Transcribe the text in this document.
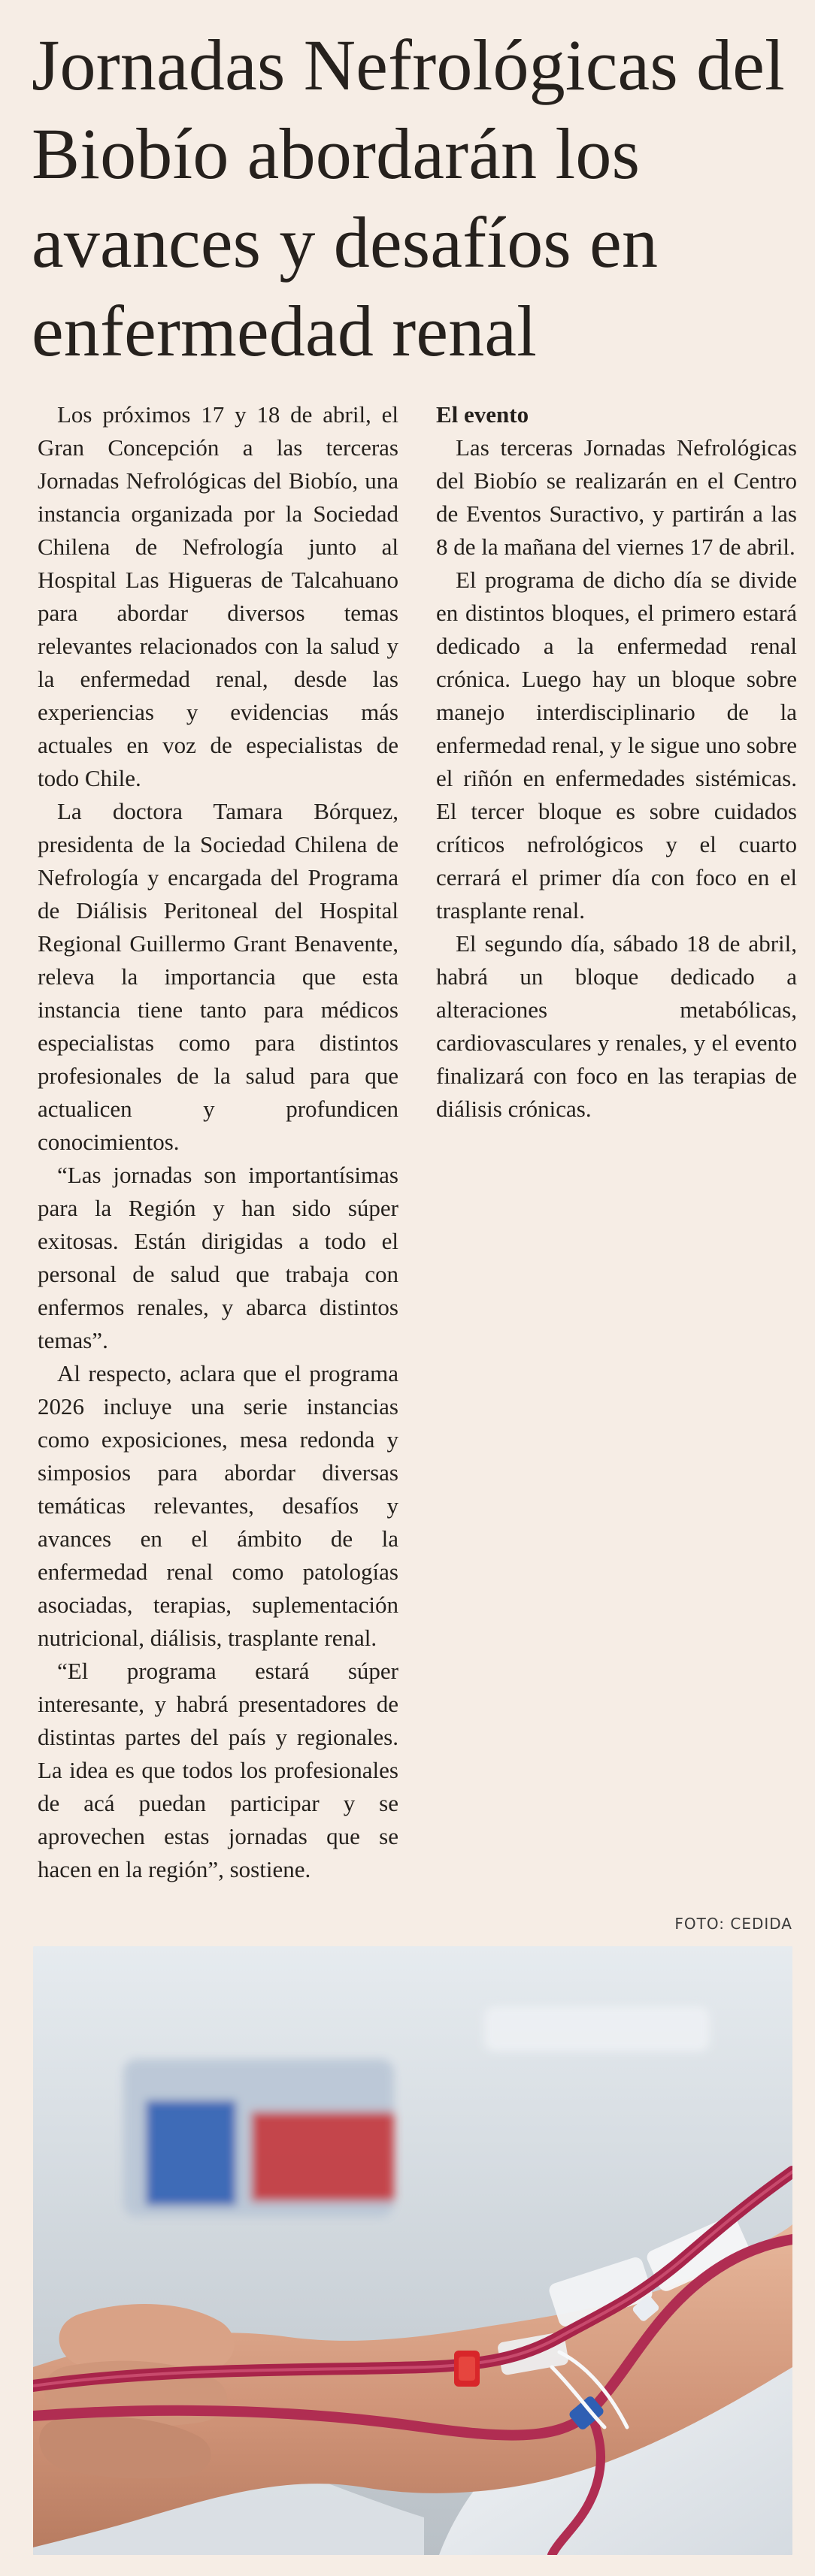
Jornadas Nefrológicas del Biobío abordarán los avances y desafíos en enfermedad renal

Los próximos 17 y 18 de abril, el Gran Concepción a las terceras Jornadas Nefrológicas del Biobío, una instancia organizada por la Sociedad Chilena de Nefrología junto al Hospital Las Higueras de Talcahuano para abordar diversos temas relevantes relacionados con la salud y la enfermedad renal, desde las experiencias y evidencias más actuales en voz de especialistas de todo Chile.

La doctora Tamara Bórquez, presidenta de la Sociedad Chilena de Nefrología y encargada del Programa de Diálisis Peritoneal del Hospital Regional Guillermo Grant Benavente, releva la importancia que esta instancia tiene tanto para médicos especialistas como para distintos profesionales de la salud para que actualicen y profundicen conocimientos.

“Las jornadas son importantísimas para la Región y han sido súper exitosas. Están dirigidas a todo el personal de salud que trabaja con enfermos renales, y abarca distintos temas”.

Al respecto, aclara que el programa 2026 incluye una serie instancias como exposiciones, mesa redonda y simposios para abordar diversas temáticas relevantes, desafíos y avances en el ámbito de la enfermedad renal como patologías asociadas, terapias, suplementación nutricional, diálisis, trasplante renal.

“El programa estará súper interesante, y habrá presentadores de distintas partes del país y regionales. La idea es que todos los profesionales de acá puedan participar y se aprovechen estas jornadas que se hacen en la región”, sostiene.

El evento

Las terceras Jornadas Nefrológicas del Biobío se realizarán en el Centro de Eventos Suractivo, y partirán a las 8 de la mañana del viernes 17 de abril.

El programa de dicho día se divide en distintos bloques, el primero estará dedicado a la enfermedad renal crónica. Luego hay un bloque sobre manejo interdisciplinario de la enfermedad renal, y le sigue uno sobre el riñón en enfermedades sistémicas. El tercer bloque es sobre cuidados críticos nefrológicos y el cuarto cerrará el primer día con foco en el trasplante renal.

El segundo día, sábado 18 de abril, habrá un bloque dedicado a alteraciones metabólicas, cardiovasculares y renales, y el evento finalizará con foco en las terapias de diálisis crónicas.

FOTO: CEDIDA
